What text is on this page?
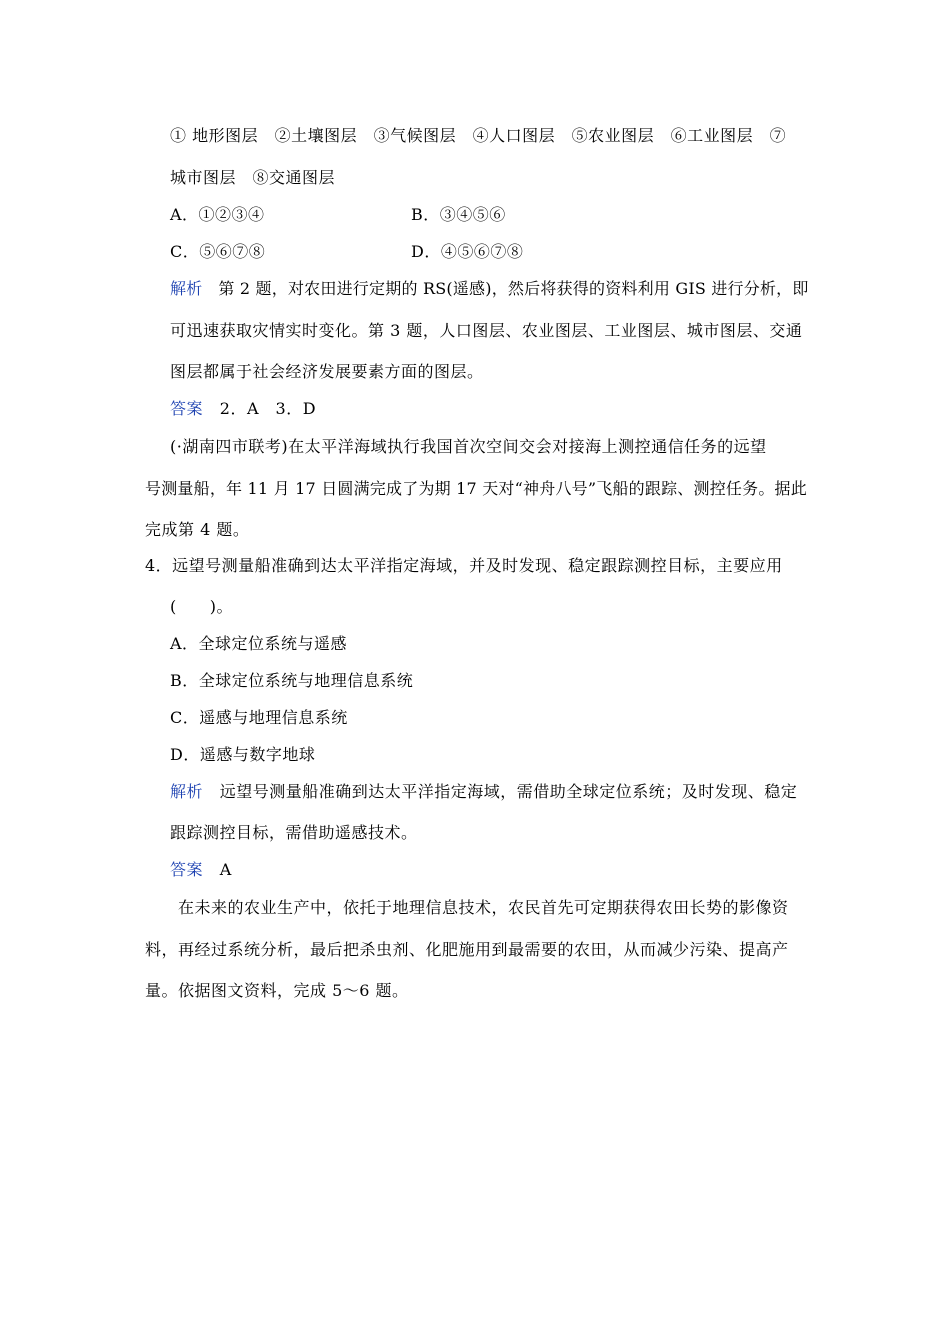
① 地形图层　②土壤图层　③气候图层　④人口图层　⑤农业图层　⑥工业图层　⑦
城市图层　⑧交通图层
A．①②③④	B．③④⑤⑥
C．⑤⑥⑦⑧	D．④⑤⑥⑦⑧
解析 第 2 题，对农田进行定期的 RS(遥感)，然后将获得的资料利用 GIS 进行分析，即
可迅速获取灾情实时变化。第 3 题，人口图层、农业图层、工业图层、城市图层、交通
图层都属于社会经济发展要素方面的图层。
答案 2．A　3．D
(·湖南四市联考)在太平洋海域执行我国首次空间交会对接海上测控通信任务的远望
号测量船，年 11 月 17 日圆满完成了为期 17 天对“神舟八号”飞船的跟踪、测控任务。据此
完成第 4 题。
4．远望号测量船准确到达太平洋指定海域，并及时发现、稳定跟踪测控目标，主要应用
(　　)。
A．全球定位系统与遥感
B．全球定位系统与地理信息系统
C．遥感与地理信息系统
D．遥感与数字地球
解析 远望号测量船准确到达太平洋指定海域，需借助全球定位系统；及时发现、稳定
跟踪测控目标，需借助遥感技术。
答案 A
在未来的农业生产中，依托于地理信息技术，农民首先可定期获得农田长势的影像资
料，再经过系统分析，最后把杀虫剂、化肥施用到最需要的农田，从而减少污染、提高产
量。依据图文资料，完成 5～6 题。
